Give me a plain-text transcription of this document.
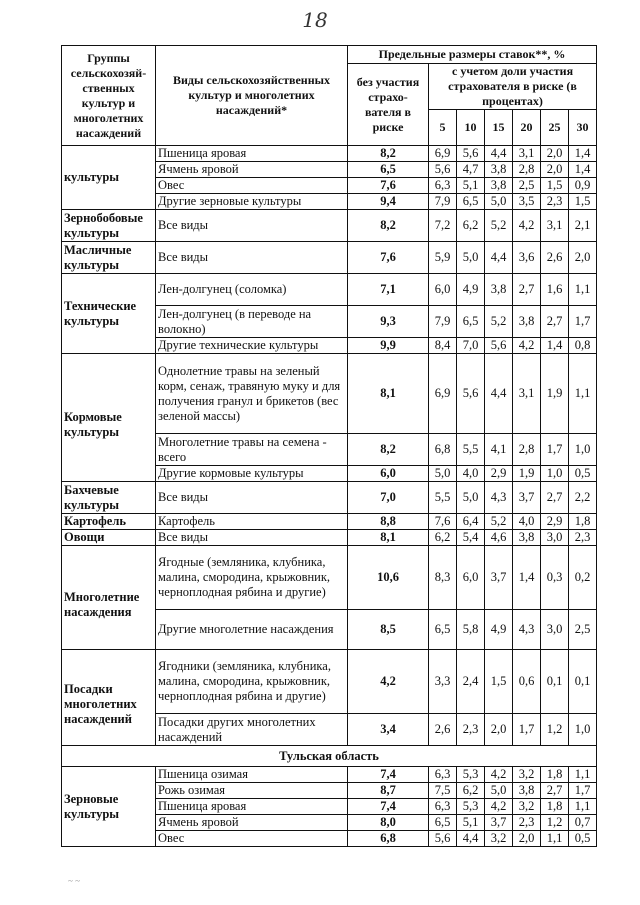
18
Группы сельскохозяй-ственных культур и многолетних насаждений	Виды сельскохозяйственных культур и многолетних насаждений*	Предельные размеры ставок**, %						
		без участия страхо-вателя в риске	с учетом доли участия страхователя в риске (в процентах)					
			5	10	15	20	25	30
культуры	Пшеница яровая	8,2	6,9	5,6	4,4	3,1	2,0	1,4
	Ячмень яровой	6,5	5,6	4,7	3,8	2,8	2,0	1,4
	Овес	7,6	6,3	5,1	3,8	2,5	1,5	0,9
	Другие зерновые культуры	9,4	7,9	6,5	5,0	3,5	2,3	1,5
Зернобобовые культуры	Все виды	8,2	7,2	6,2	5,2	4,2	3,1	2,1
Масличные культуры	Все виды	7,6	5,9	5,0	4,4	3,6	2,6	2,0
Технические культуры	Лен-долгунец (соломка)	7,1	6,0	4,9	3,8	2,7	1,6	1,1
	Лен-долгунец (в переводе на волокно)	9,3	7,9	6,5	5,2	3,8	2,7	1,7
	Другие технические культуры	9,9	8,4	7,0	5,6	4,2	1,4	0,8
Кормовые культуры	Однолетние травы на зеленый корм, сенаж, травяную муку и для получения гранул и брикетов (вес зеленой массы)	8,1	6,9	5,6	4,4	3,1	1,9	1,1
	Многолетние травы на семена - всего	8,2	6,8	5,5	4,1	2,8	1,7	1,0
	Другие кормовые культуры	6,0	5,0	4,0	2,9	1,9	1,0	0,5
Бахчевые культуры	Все виды	7,0	5,5	5,0	4,3	3,7	2,7	2,2
Картофель	Картофель	8,8	7,6	6,4	5,2	4,0	2,9	1,8
Овощи	Все виды	8,1	6,2	5,4	4,6	3,8	3,0	2,3
Многолетние насаждения	Ягодные (земляника, клубника, малина, смородина, крыжовник, черноплодная рябина и другие)	10,6	8,3	6,0	3,7	1,4	0,3	0,2
	Другие многолетние насаждения	8,5	6,5	5,8	4,9	4,3	3,0	2,5
Посадки многолетних насаждений	Ягодники (земляника, клубника, малина, смородина, крыжовник, черноплодная рябина и другие)	4,2	3,3	2,4	1,5	0,6	0,1	0,1
	Посадки других многолетних насаждений	3,4	2,6	2,3	2,0	1,7	1,2	1,0
Тульская область								
Зерновые культуры	Пшеница озимая	7,4	6,3	5,3	4,2	3,2	1,8	1,1
	Рожь озимая	8,7	7,5	6,2	5,0	3,8	2,7	1,7
	Пшеница яровая	7,4	6,3	5,3	4,2	3,2	1,8	1,1
	Ячмень яровой	8,0	6,5	5,1	3,7	2,3	1,2	0,7
	Овес	6,8	5,6	4,4	3,2	2,0	1,1	0,5
~ ~
